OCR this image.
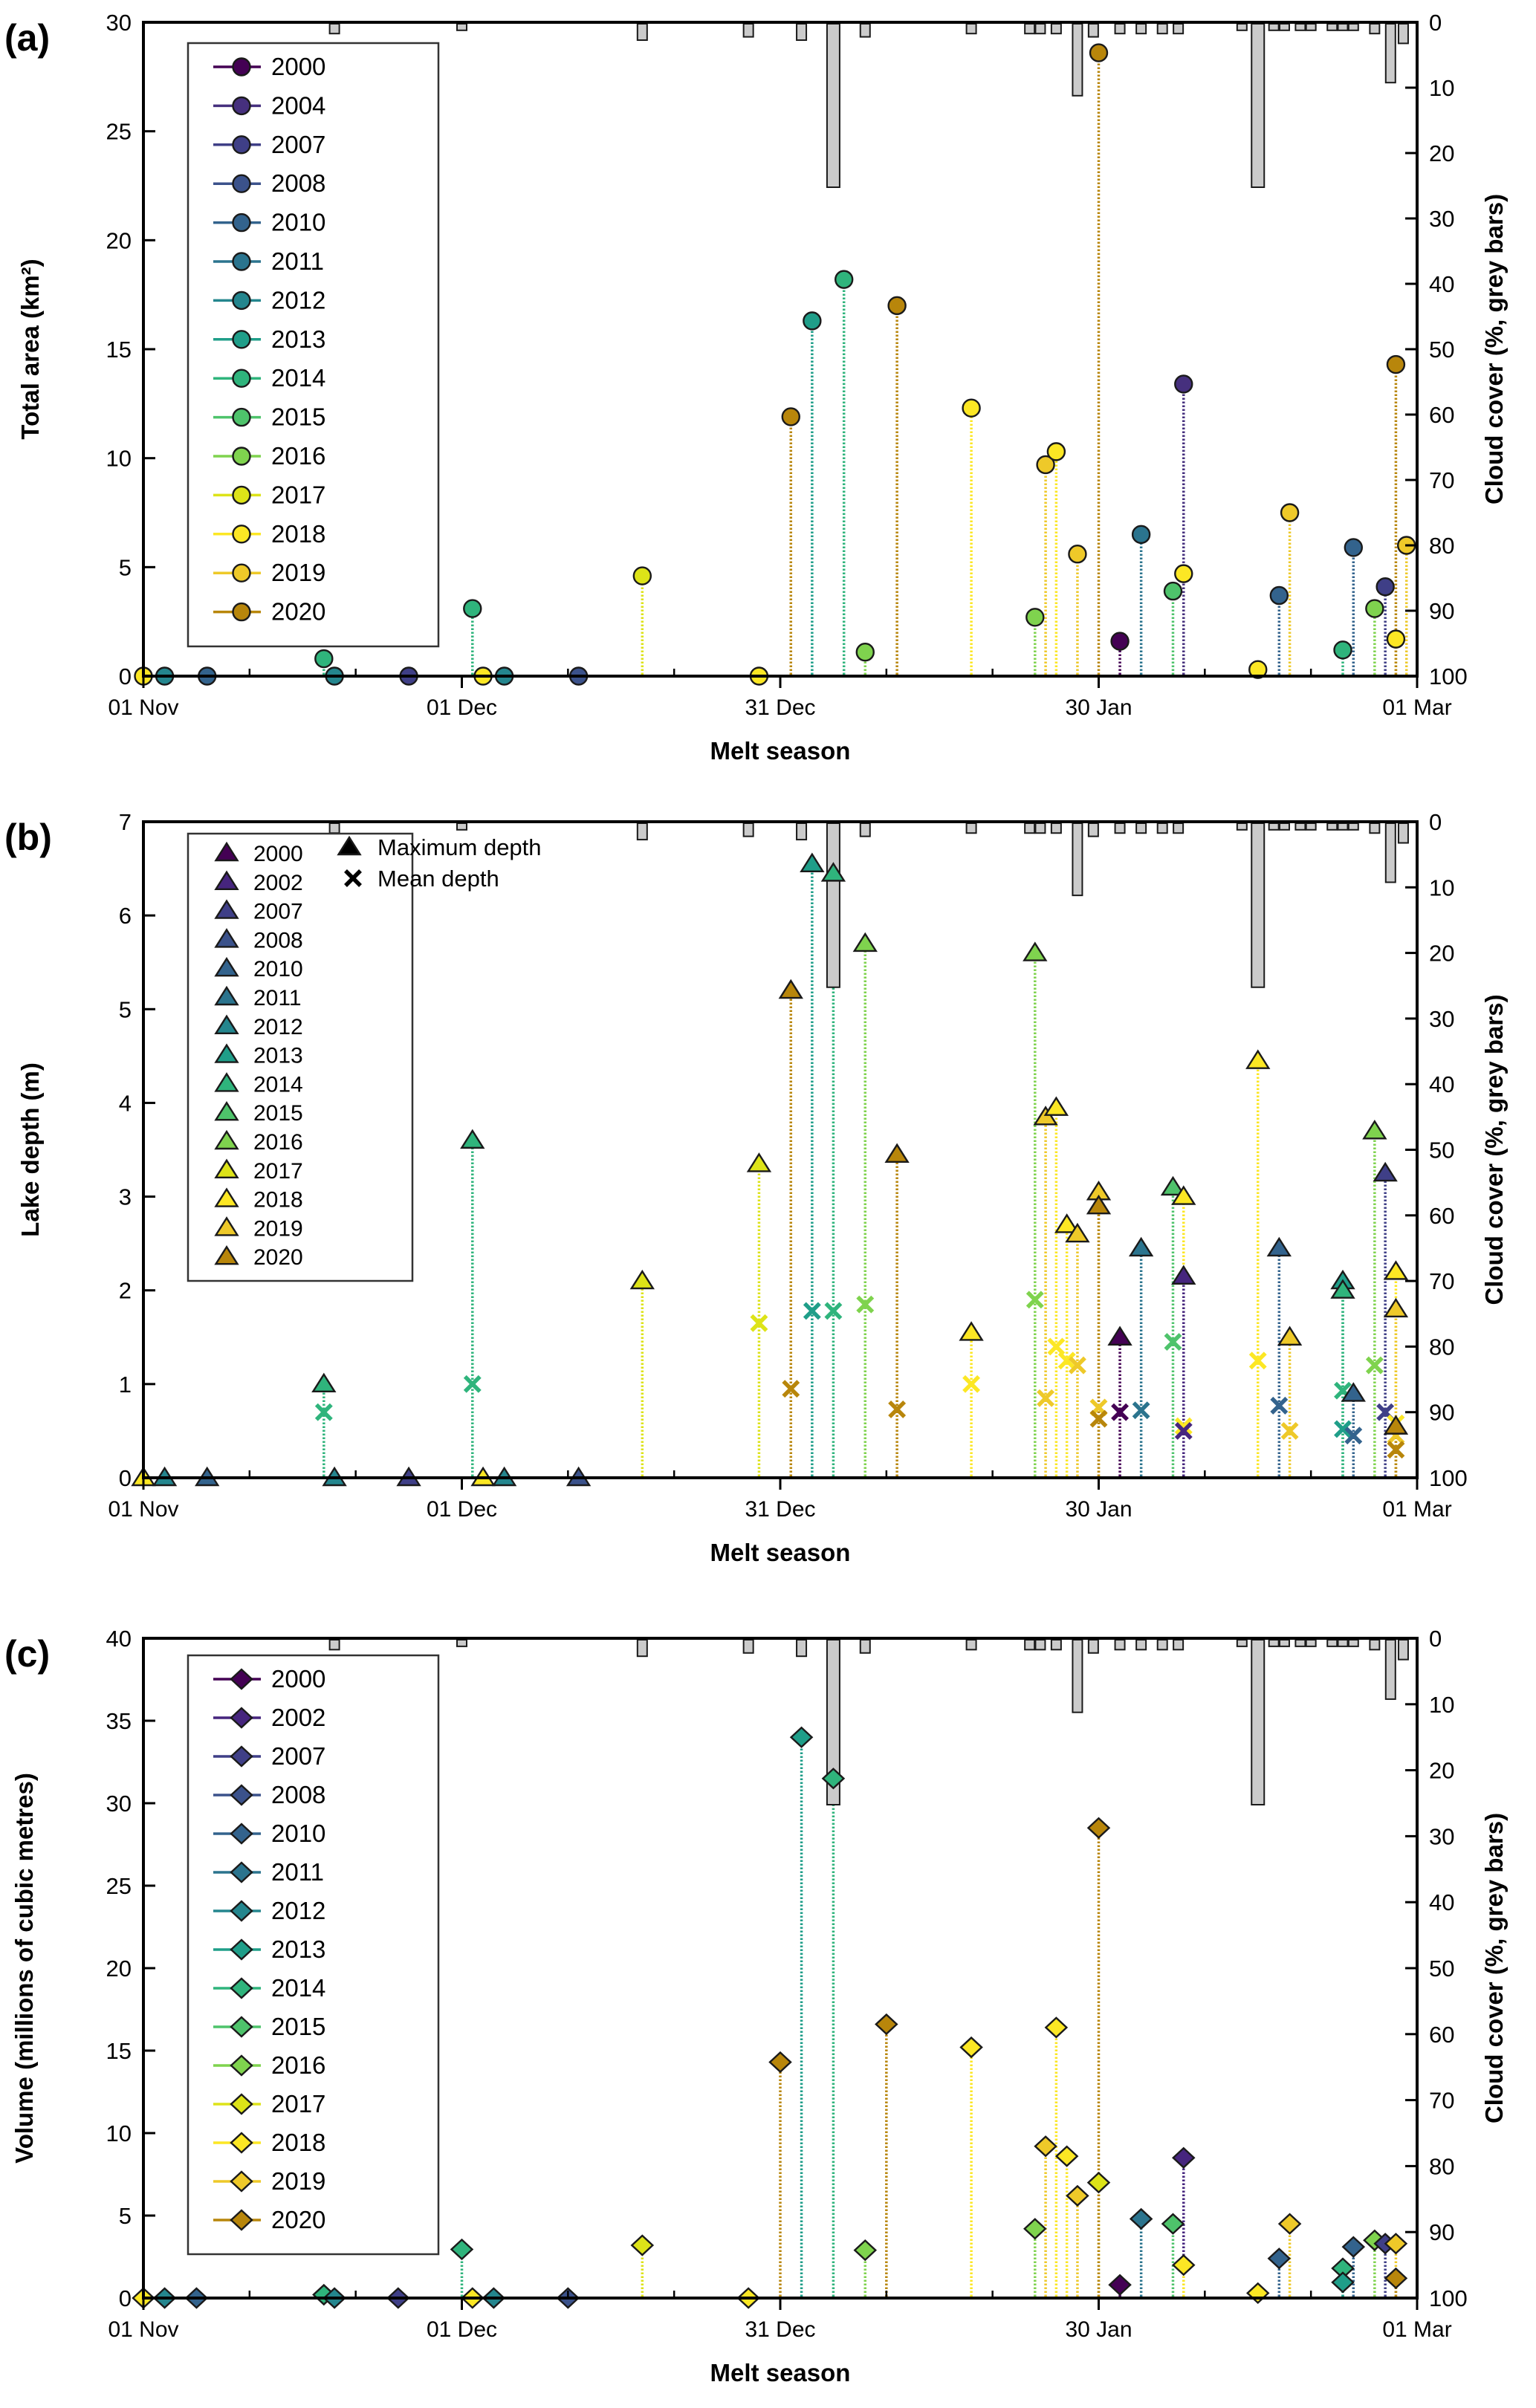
(a)
01 Nov	01 Dec	31 Dec	30 Jan	01 Mar
Melt season
0
5
10
15
20
25
30
Total area (km²)
0
10
20
30
40
50
60
70
80
90
100
Cloud cover (%, grey bars)
2000
2004
2007
2008
2010
2011
2012
2013
2014
2015
2016
2017
2018
2019
2020
(b)
01 Nov	01 Dec	31 Dec	30 Jan	01 Mar
Melt season
0
1
2
3
4
5
6
7
Lake depth (m)
0
10
20
30
40
50
60
70
80
90
100
Cloud cover (%, grey bars)
2000
2002
2007
2008
2010
2011
2012
2013
2014
2015
2016
2017
2018
2019
2020
Maximum depth
Mean depth
(c)
01 Nov	01 Dec	31 Dec	30 Jan	01 Mar
Melt season
0
5
10
15
20
25
30
35
40
Volume (millions of cubic metres)
0
10
20
30
40
50
60
70
80
90
100
Cloud cover (%, grey bars)
2000
2002
2007
2008
2010
2011
2012
2013
2014
2015
2016
2017
2018
2019
2020
